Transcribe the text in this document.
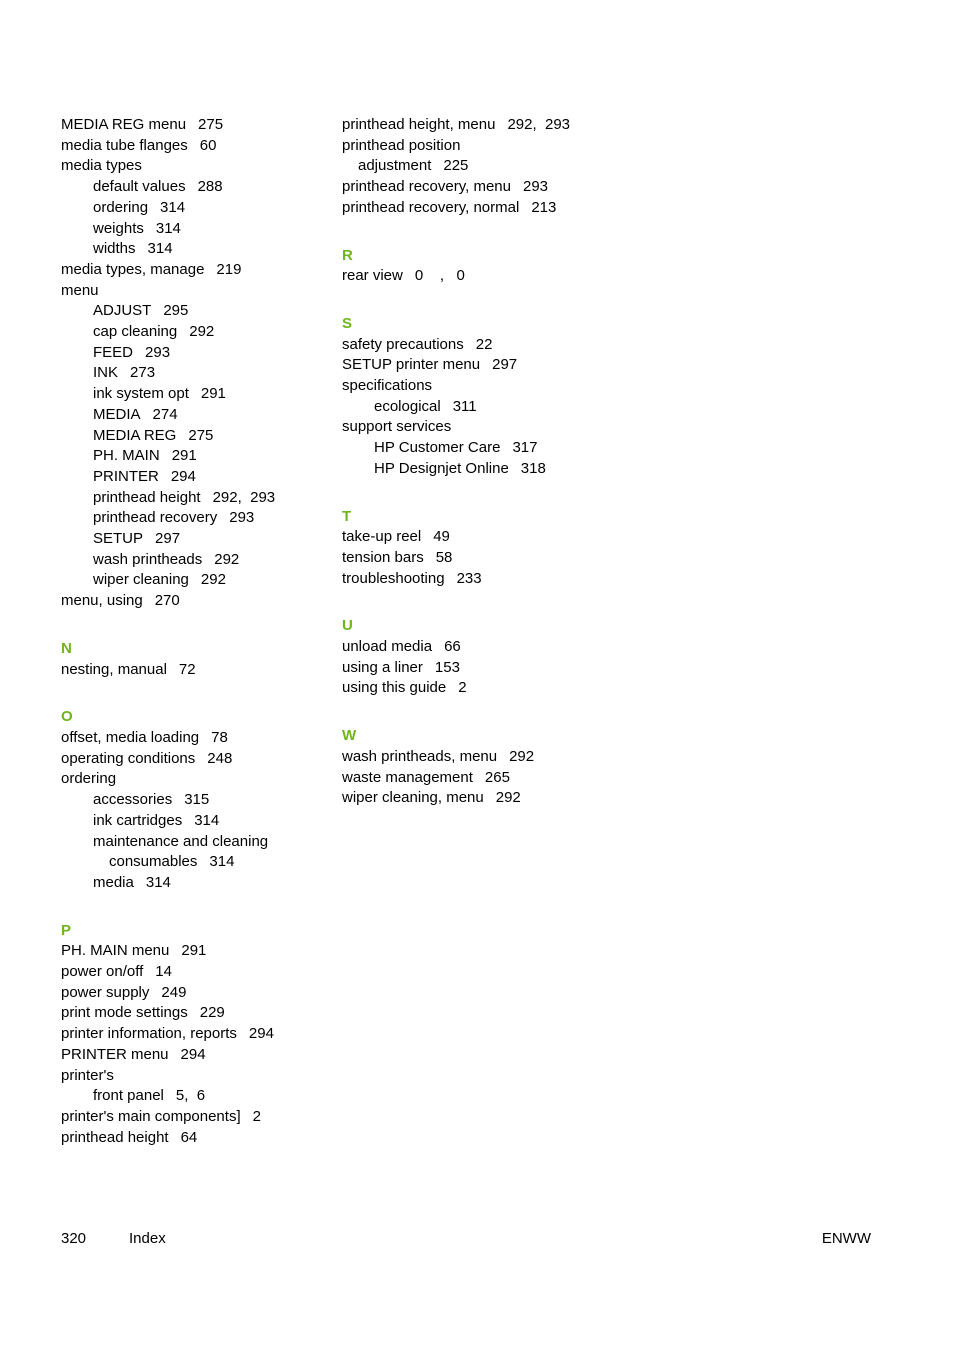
MEDIA REG menu 275
media tube flanges 60
media types
default values 288
ordering 314
weights 314
widths 314
media types, manage 219
menu
ADJUST 295
cap cleaning 292
FEED 293
INK 273
ink system opt 291
MEDIA 274
MEDIA REG 275
PH. MAIN 291
PRINTER 294
printhead height 292,  293
printhead recovery 293
SETUP 297
wash printheads 292
wiper cleaning 292
menu, using 270
N
nesting, manual 72
O
offset, media loading 78
operating conditions 248
ordering
accessories 315
ink cartridges 314
maintenance and cleaning
consumables 314
media 314
P
PH. MAIN menu 291
power on/off 14
power supply 249
print mode settings 229
printer information, reports 294
PRINTER menu 294
printer's
front panel 5,  6
printer's main components] 2
printhead height 64
printhead height, menu 292,  293
printhead position
adjustment 225
printhead recovery, menu 293
printhead recovery, normal 213
R
rear view 0    ,   0
S
safety precautions 22
SETUP printer menu 297
specifications
ecological 311
support services
HP Customer Care 317
HP Designjet Online 318
T
take-up reel 49
tension bars 58
troubleshooting 233
U
unload media 66
using a liner 153
using this guide 2
W
wash printheads, menu 292
waste management 265
wiper cleaning, menu 292
320	Index	ENWW
